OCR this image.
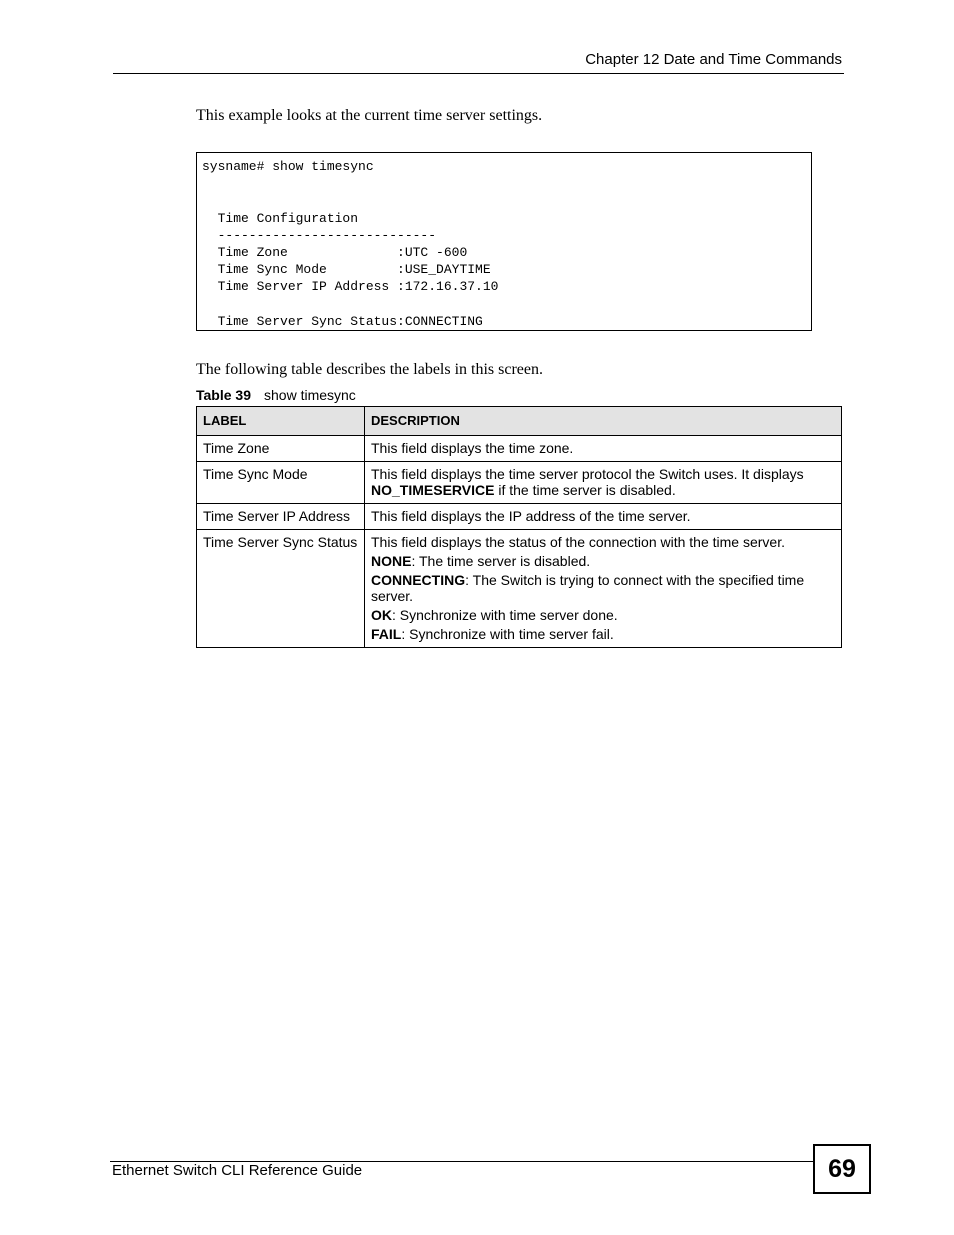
Chapter 12 Date and Time Commands

This example looks at the current time server settings.

sysname# show timesync

Time Configuration
----------------------------
Time Zone              :UTC -600
Time Sync Mode         :USE_DAYTIME
Time Server IP Address :172.16.37.10

Time Server Sync Status:CONNECTING

The following table describes the labels in this screen.

Table 39 show timesync
LABEL	DESCRIPTION
Time Zone	This field displays the time zone.

Time Sync Mode	This field displays the time server protocol the Switch uses. It displays NO_TIMESERVICE if the time server is disabled.

Time Server IP Address	This field displays the IP address of the time server.

Time Server Sync Status	This field displays the status of the connection with the time server.
NONE: The time server is disabled.
CONNECTING: The Switch is trying to connect with the specified time server.
OK: Synchronize with time server done.
FAIL: Synchronize with time server fail.
Ethernet Switch CLI Reference Guide	69
